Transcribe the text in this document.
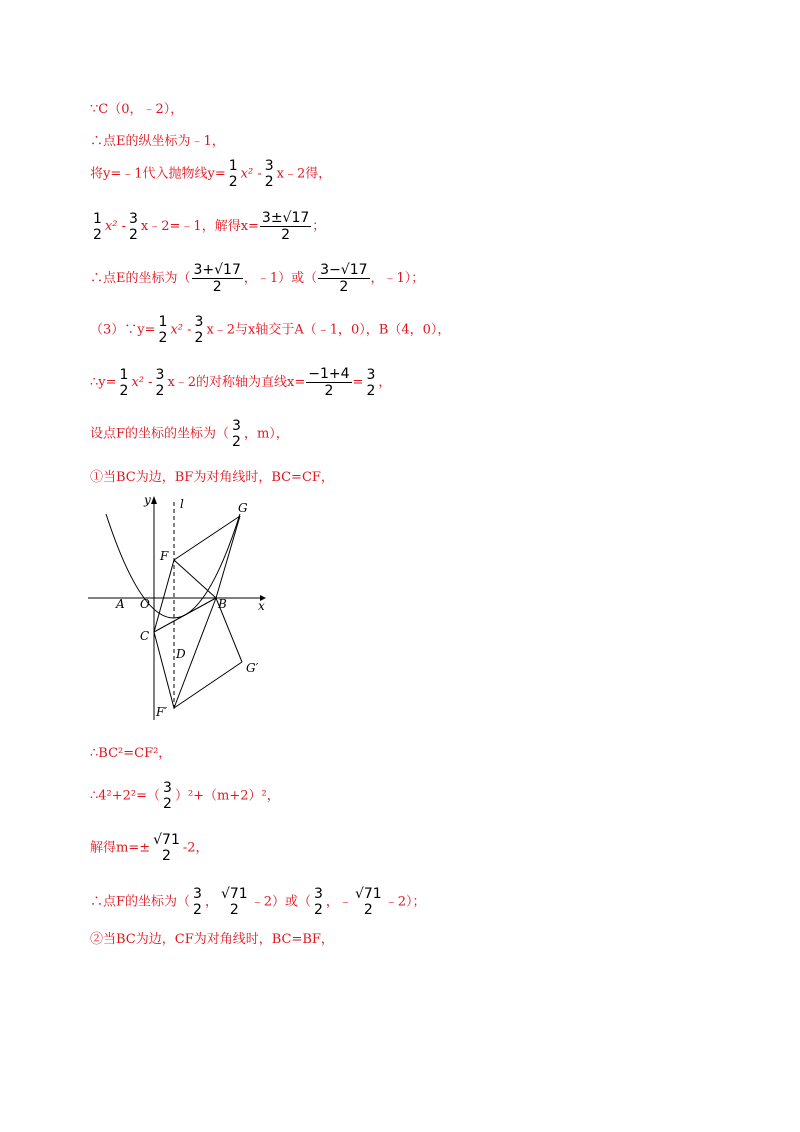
∵C（0，﹣2），
∴点E的纵坐标为﹣1，
将y=﹣1代入抛物线y= 1
2 x² - 3
2 x﹣2得，
1
2 x² - 3
2 x﹣2=﹣1，解得$x= \frac{3\pm√17}{2}$ ；
∴点E的坐标为（ $\frac{3+√17}{2}$ ，﹣1）或（ $\frac{3-√17}{2}$ ，﹣1）；
（3）∵y= 1
2 x² - 3
2 x﹣2与x轴交于A（﹣1，0），B（4，0），
∴y= 1
2 x² - 3
2 x﹣2的对称轴为直线$x= \frac{-1+4}{2} = 3$
2 ，
设点F的坐标的坐标为（ 3
2 ，m），
①当BC为边，BF为对角线时，BC=CF，
y
x
l	G
F
A O	B
C
D
G′
F′
∴BC²=CF²，
∴4²+2²=（ 3
2 ）²+（m+2）²，
解得m=± √71
2 -2，
∴点F的坐标为（ 3
2 ， √71
2 ﹣2）或（ 3
2 ，﹣ √71
2 ﹣2）；
②当BC为边，CF为对角线时，BC=BF，
